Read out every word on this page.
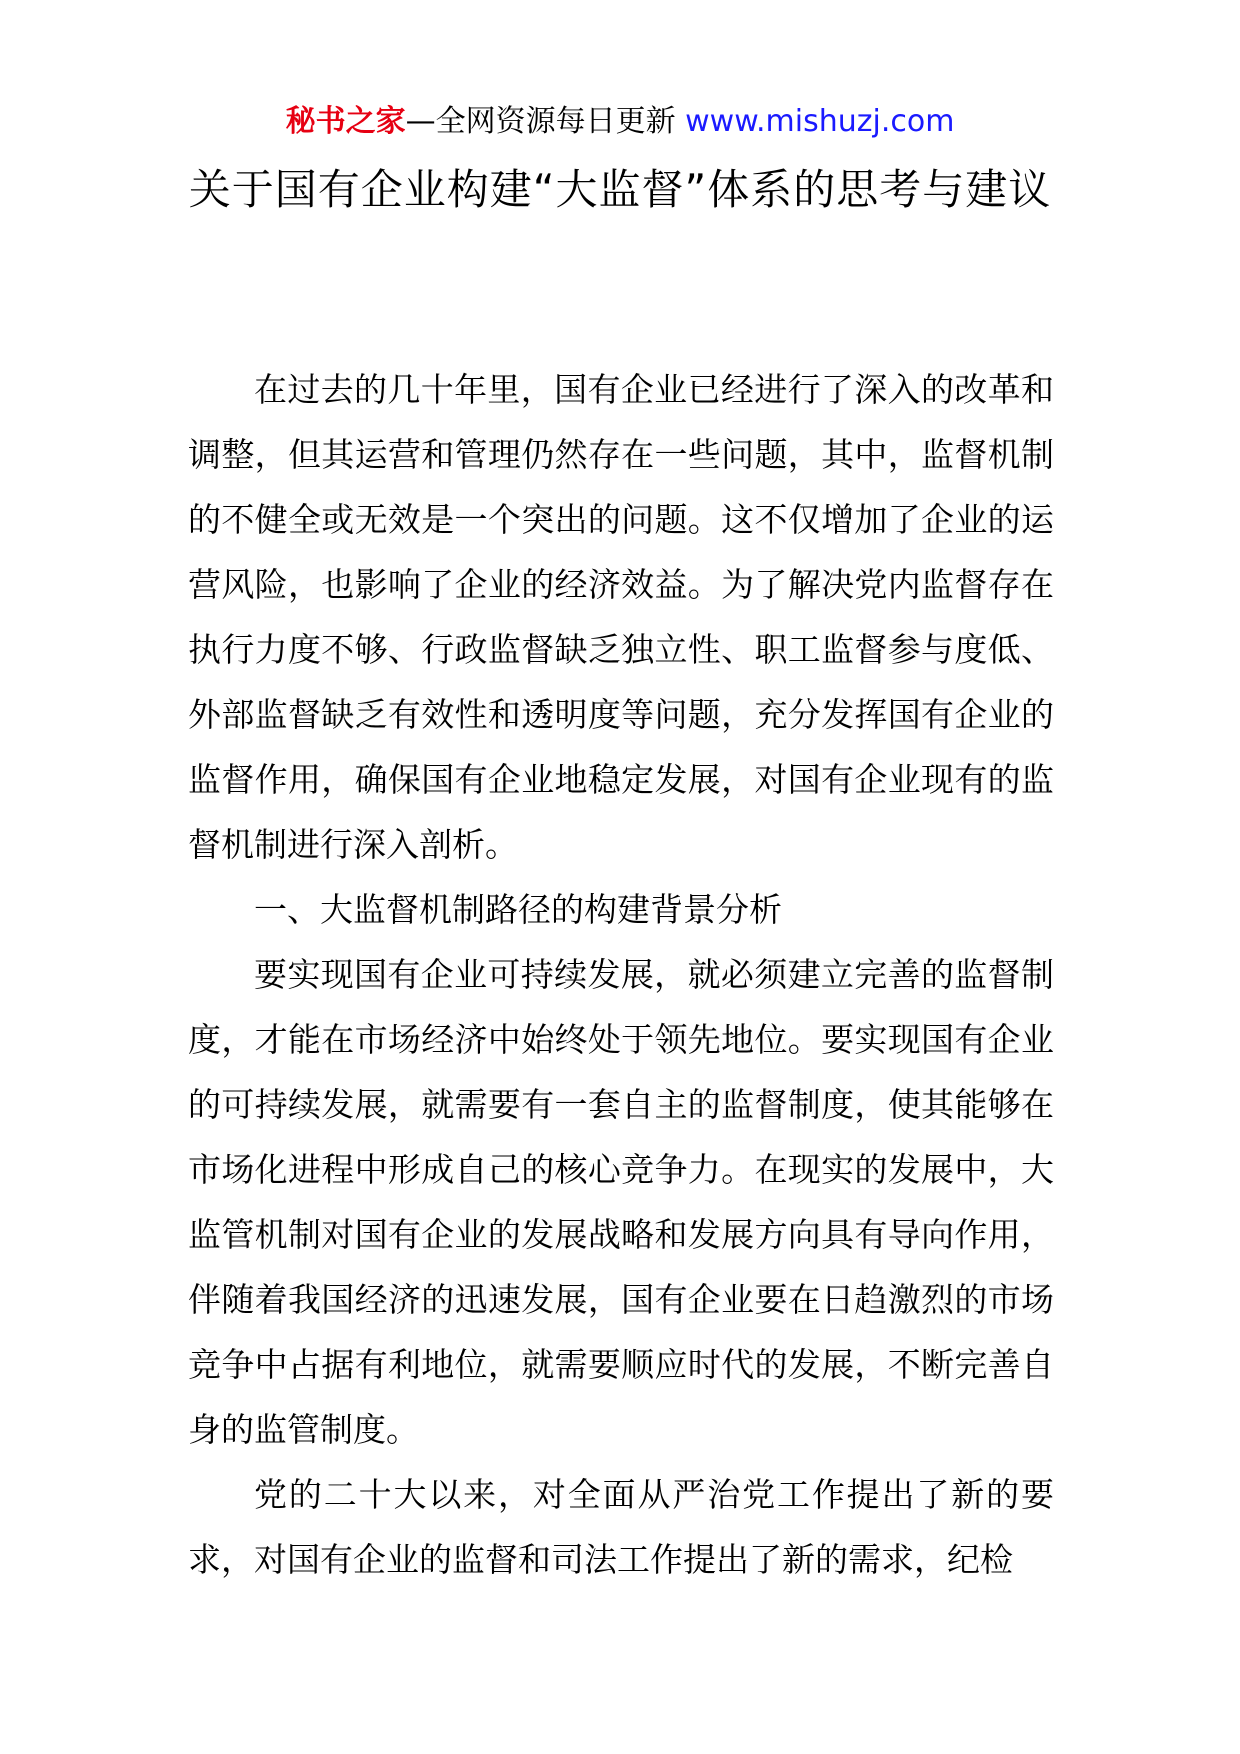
秘书之家—全网资源每日更新 www.mishuzj.com
关于国有企业构建“大监督”体系的思考与建议

在过去的几十年里，国有企业已经进行了深入的改革和调整，但其运营和管理仍然存在一些问题，其中，监督机制的不健全或无效是一个突出的问题。这不仅增加了企业的运营风险，也影响了企业的经济效益。为了解决党内监督存在执行力度不够、行政监督缺乏独立性、职工监督参与度低、外部监督缺乏有效性和透明度等问题，充分发挥国有企业的监督作用，确保国有企业地稳定发展，对国有企业现有的监督机制进行深入剖析。

一、大监督机制路径的构建背景分析

要实现国有企业可持续发展，就必须建立完善的监督制度，才能在市场经济中始终处于领先地位。要实现国有企业的可持续发展，就需要有一套自主的监督制度，使其能够在市场化进程中形成自己的核心竞争力。在现实的发展中，大监管机制对国有企业的发展战略和发展方向具有导向作用，伴随着我国经济的迅速发展，国有企业要在日趋激烈的市场竞争中占据有利地位，就需要顺应时代的发展，不断完善自身的监管制度。

党的二十大以来，对全面从严治党工作提出了新的要求，对国有企业的监督和司法工作提出了新的需求，纪检
